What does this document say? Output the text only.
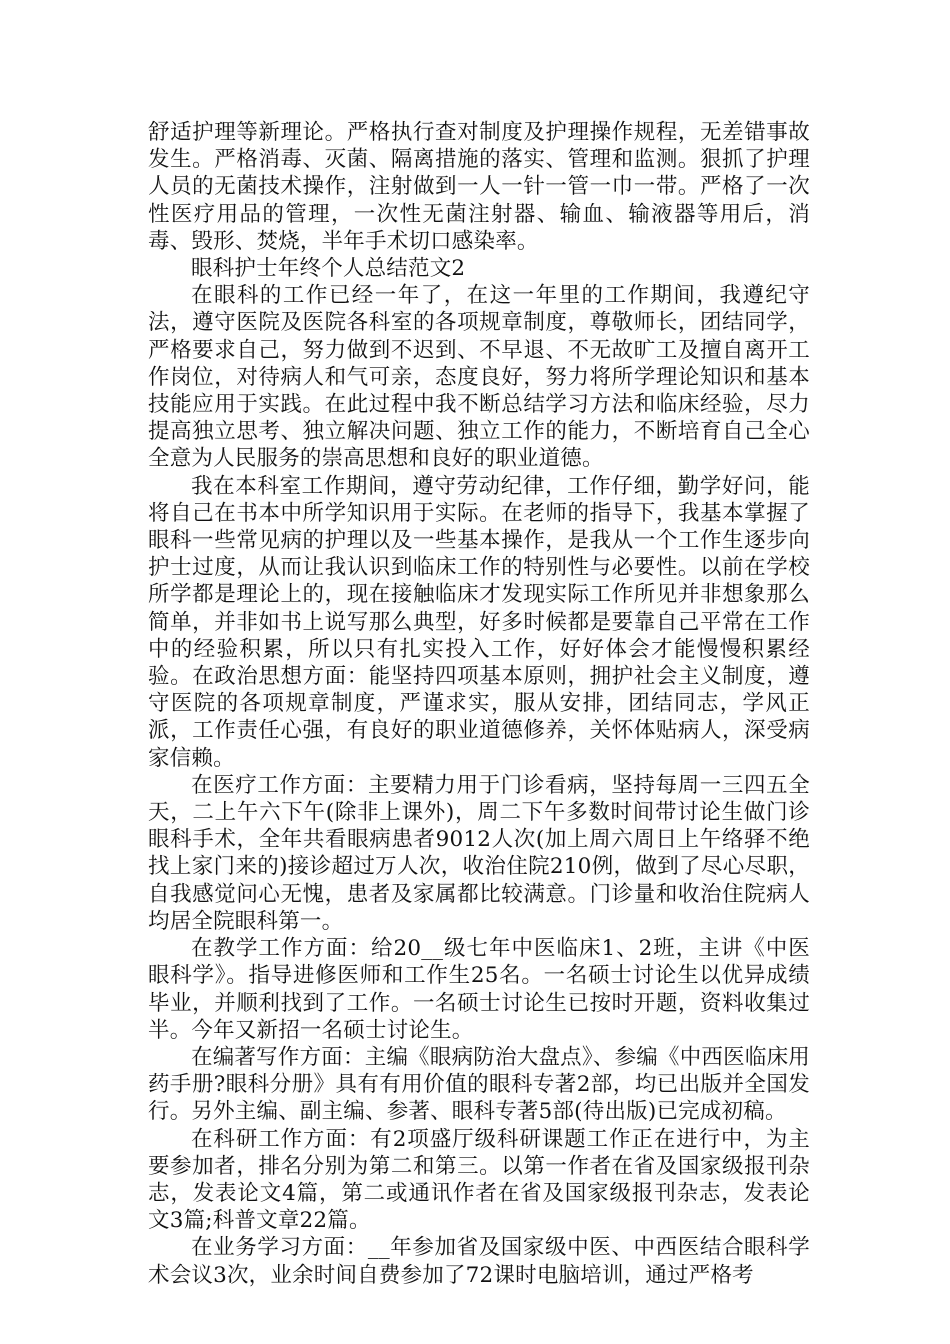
舒适护理等新理论。严格执行查对制度及护理操作规程，无差错事故发生。严格消毒、灭菌、隔离措施的落实、管理和监测。狠抓了护理人员的无菌技术操作，注射做到一人一针一管一巾一带。严格了一次性医疗用品的管理，一次性无菌注射器、输血、输液器等用后，消毒、毁形、焚烧，半年手术切口感染率。

眼科护士年终个人总结范文2

在眼科的工作已经一年了，在这一年里的工作期间，我遵纪守法，遵守医院及医院各科室的各项规章制度，尊敬师长，团结同学，严格要求自己，努力做到不迟到、不早退、不无故旷工及擅自离开工作岗位，对待病人和气可亲，态度良好，努力将所学理论知识和基本技能应用于实践。在此过程中我不断总结学习方法和临床经验，尽力提高独立思考、独立解决问题、独立工作的能力，不断培育自己全心全意为人民服务的崇高思想和良好的职业道德。

我在本科室工作期间，遵守劳动纪律，工作仔细，勤学好问，能将自己在书本中所学知识用于实际。在老师的指导下，我基本掌握了眼科一些常见病的护理以及一些基本操作，是我从一个工作生逐步向护士过度，从而让我认识到临床工作的特别性与必要性。以前在学校所学都是理论上的，现在接触临床才发现实际工作所见并非想象那么简单，并非如书上说写那么典型，好多时候都是要靠自己平常在工作中的经验积累，所以只有扎实投入工作，好好体会才能慢慢积累经验。在政治思想方面：能坚持四项基本原则，拥护社会主义制度，遵守医院的各项规章制度，严谨求实，服从安排，团结同志，学风正派，工作责任心强，有良好的职业道德修养，关怀体贴病人，深受病家信赖。

在医疗工作方面：主要精力用于门诊看病，坚持每周一三四五全天，二上午六下午(除非上课外)，周二下午多数时间带讨论生做门诊眼科手术，全年共看眼病患者9012人次(加上周六周日上午络驿不绝找上家门来的)接诊超过万人次，收治住院210例，做到了尽心尽职，自我感觉问心无愧，患者及家属都比较满意。门诊量和收治住院病人均居全院眼科第一。

在教学工作方面：给20__级七年中医临床1、2班，主讲《中医眼科学》。指导进修医师和工作生25名。一名硕士讨论生以优异成绩毕业，并顺利找到了工作。一名硕士讨论生已按时开题，资料收集过半。今年又新招一名硕士讨论生。

在编著写作方面：主编《眼病防治大盘点》、参编《中西医临床用药手册?眼科分册》具有有用价值的眼科专著2部，均已出版并全国发行。另外主编、副主编、参著、眼科专著5部(待出版)已完成初稿。

在科研工作方面：有2项盛厅级科研课题工作正在进行中，为主要参加者，排名分别为第二和第三。以第一作者在省及国家级报刊杂志，发表论文4篇，第二或通讯作者在省及国家级报刊杂志，发表论文3篇;科普文章22篇。

在业务学习方面：__年参加省及国家级中医、中西医结合眼科学术会议3次，业余时间自费参加了72课时电脑培训，通过严格考
